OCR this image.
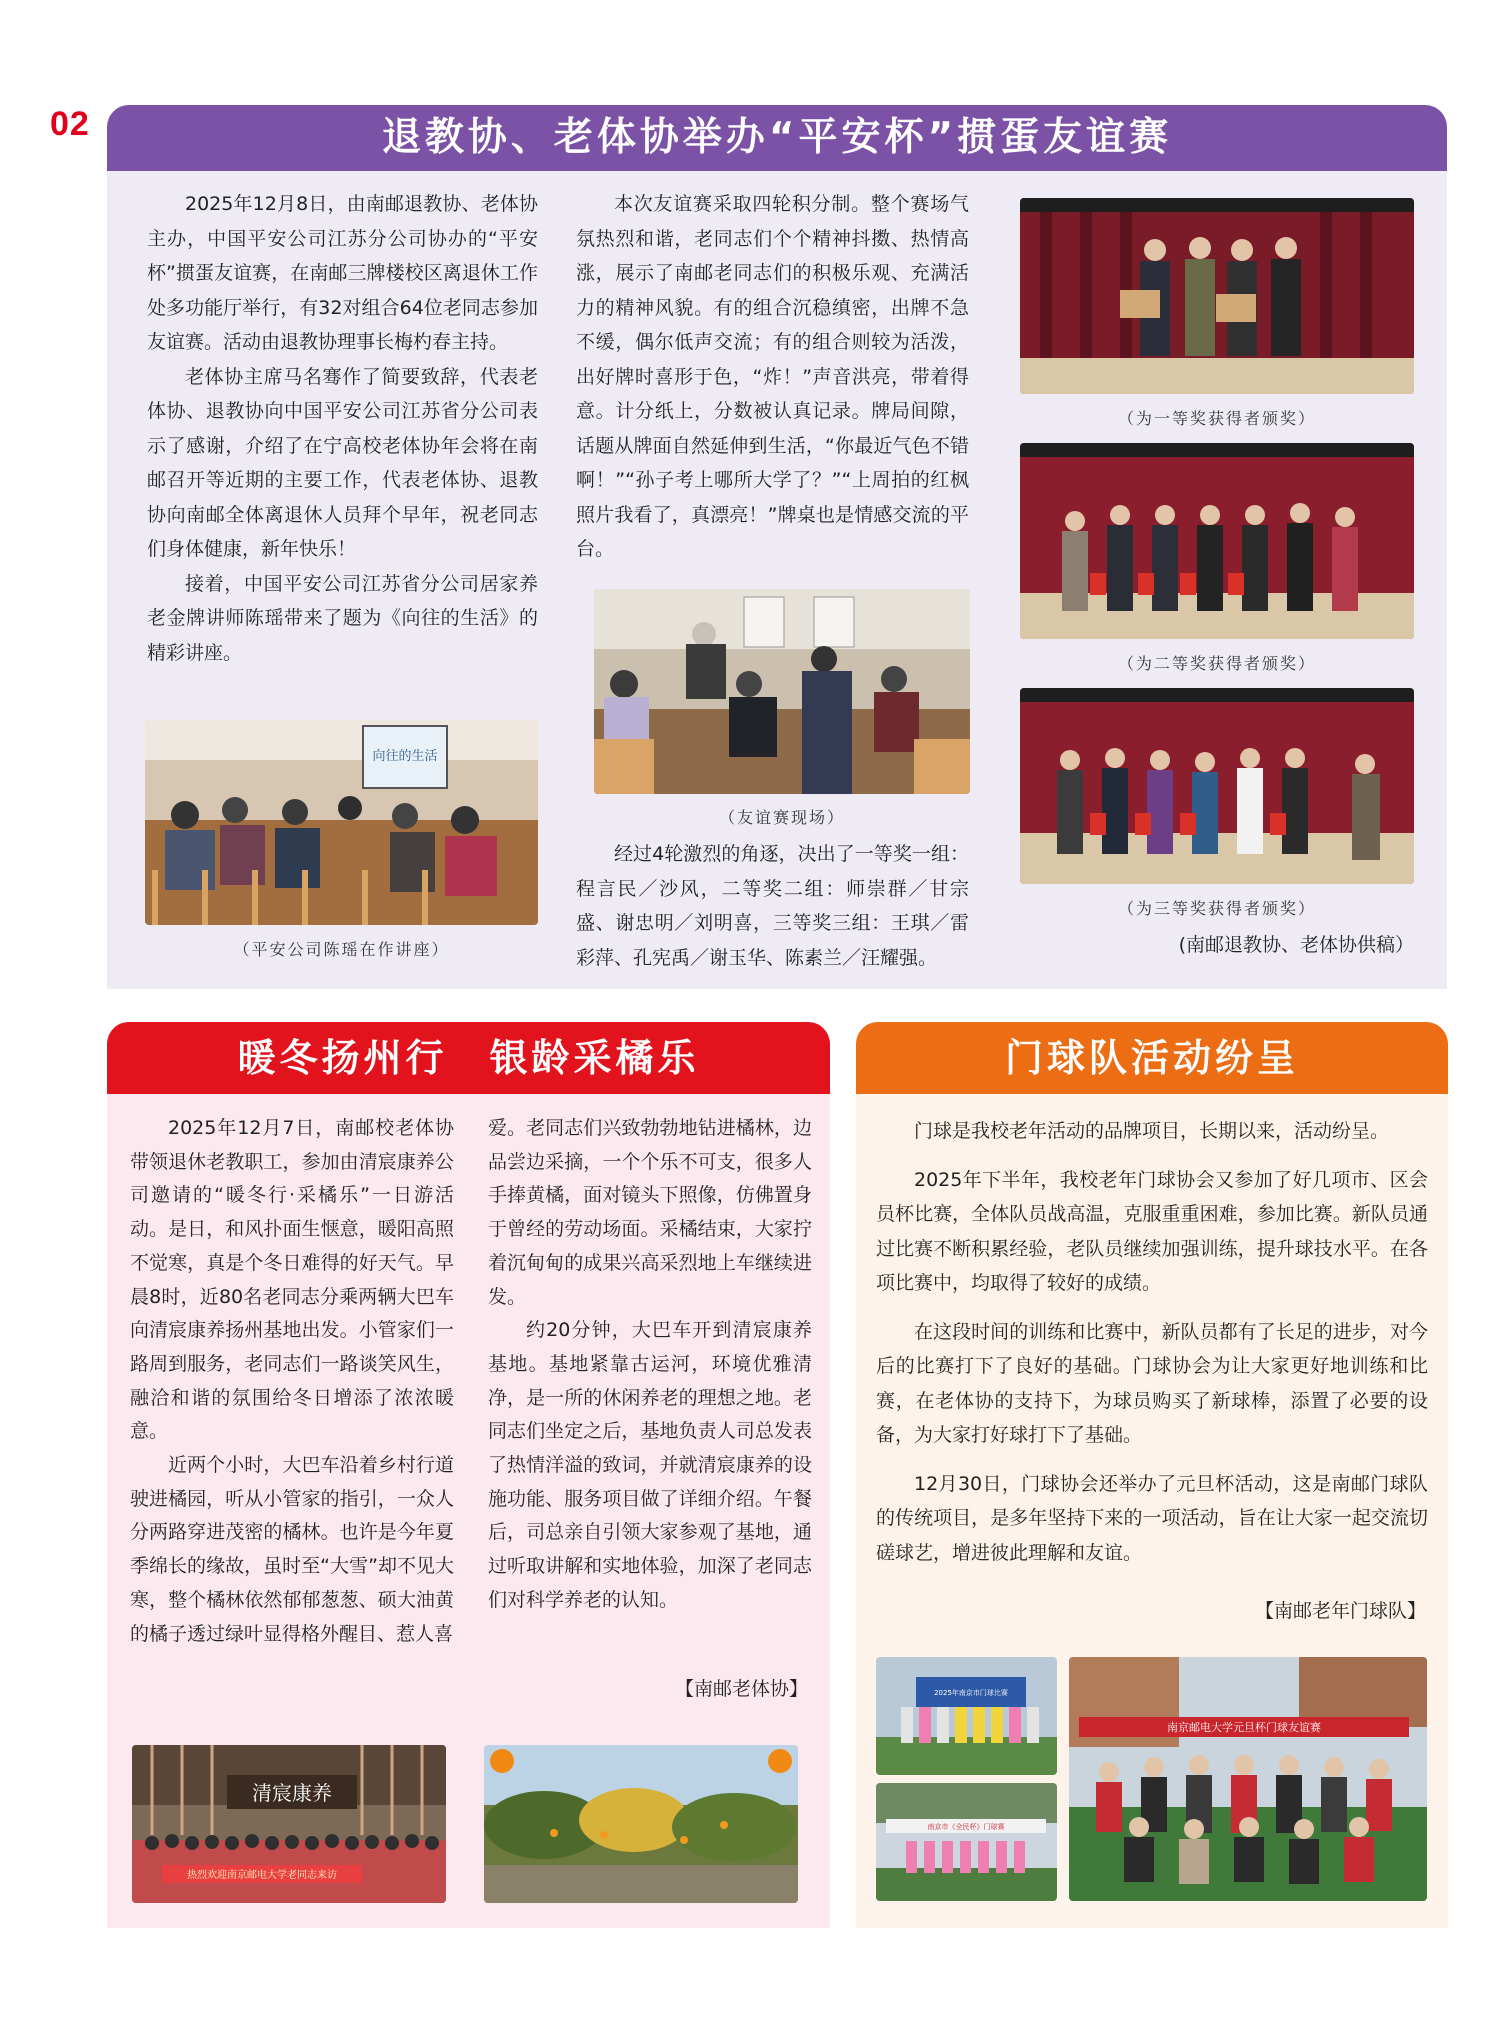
02	退教协、老体协举办“平安杯”掼蛋友谊赛

2025年12月8日，由南邮退教协、老体协主办，中国平安公司江苏分公司协办的“平安杯”掼蛋友谊赛，在南邮三牌楼校区离退休工作处多功能厅举行，有32对组合64位老同志参加友谊赛。活动由退教协理事长梅杓春主持。

老体协主席马名骞作了简要致辞，代表老体协、退教协向中国平安公司江苏省分公司表示了感谢，介绍了在宁高校老体协年会将在南邮召开等近期的主要工作，代表老体协、退教协向南邮全体离退休人员拜个早年，祝老同志们身体健康，新年快乐！

接着，中国平安公司江苏省分公司居家养老金牌讲师陈瑶带来了题为《向往的生活》的精彩讲座。

向往的生活
（平安公司陈瑶在作讲座）

本次友谊赛采取四轮积分制。整个赛场气氛热烈和谐，老同志们个个精神抖擞、热情高涨，展示了南邮老同志们的积极乐观、充满活力的精神风貌。有的组合沉稳缜密，出牌不急不缓，偶尔低声交流；有的组合则较为活泼，出好牌时喜形于色，“炸！”声音洪亮，带着得意。计分纸上，分数被认真记录。牌局间隙，话题从牌面自然延伸到生活，“你最近气色不错啊！”“孙子考上哪所大学了？”“上周拍的红枫照片我看了，真漂亮！”牌桌也是情感交流的平台。

（友谊赛现场）

经过4轮激烈的角逐，决出了一等奖一组：程言民／沙风，二等奖二组：师崇群／甘宗盛、谢忠明／刘明喜，三等奖三组：王琪／雷彩萍、孔宪禹／谢玉华、陈素兰／汪耀强。

（为一等奖获得者颁奖）
（为二等奖获得者颁奖）
（为三等奖获得者颁奖）
(南邮退教协、老体协供稿）
暖冬扬州行　银龄采橘乐

2025年12月7日，南邮校老体协带领退休老教职工，参加由清宸康养公司邀请的“暖冬行·采橘乐”一日游活动。是日，和风扑面生惬意，暖阳高照不觉寒，真是个冬日难得的好天气。早晨8时，近80名老同志分乘两辆大巴车向清宸康养扬州基地出发。小管家们一路周到服务，老同志们一路谈笑风生，融洽和谐的氛围给冬日增添了浓浓暖意。

近两个小时，大巴车沿着乡村行道驶进橘园，听从小管家的指引，一众人分两路穿进茂密的橘林。也许是今年夏季绵长的缘故，虽时至“大雪”却不见大寒，整个橘林依然郁郁葱葱、硕大油黄的橘子透过绿叶显得格外醒目、惹人喜

爱。老同志们兴致勃勃地钻进橘林，边品尝边采摘，一个个乐不可支，很多人手捧黄橘，面对镜头下照像，仿佛置身于曾经的劳动场面。采橘结束，大家拧着沉甸甸的成果兴高采烈地上车继续进发。

约20分钟，大巴车开到清宸康养基地。基地紧靠古运河，环境优雅清净，是一所的休闲养老的理想之地。老同志们坐定之后，基地负责人司总发表了热情洋溢的致词，并就清宸康养的设施功能、服务项目做了详细介绍。午餐后，司总亲自引领大家参观了基地，通过听取讲解和实地体验，加深了老同志们对科学养老的认知。

【南邮老体协】
清宸康养
热烈欢迎南京邮电大学老同志来访
门球队活动纷呈

门球是我校老年活动的品牌项目，长期以来，活动纷呈。

2025年下半年，我校老年门球协会又参加了好几项市、区会员杯比赛，全体队员战高温，克服重重困难，参加比赛。新队员通过比赛不断积累经验，老队员继续加强训练，提升球技水平。在各项比赛中，均取得了较好的成绩。

在这段时间的训练和比赛中，新队员都有了长足的进步，对今后的比赛打下了良好的基础。门球协会为让大家更好地训练和比赛，在老体协的支持下，为球员购买了新球棒，添置了必要的设备，为大家打好球打下了基础。

12月30日，门球协会还举办了元旦杯活动，这是南邮门球队的传统项目，是多年坚持下来的一项活动，旨在让大家一起交流切磋球艺，增进彼此理解和友谊。

【南邮老年门球队】
2025年南京市门球比赛
南京市《全民杯》门球赛
南京邮电大学元旦杯门球友谊赛
